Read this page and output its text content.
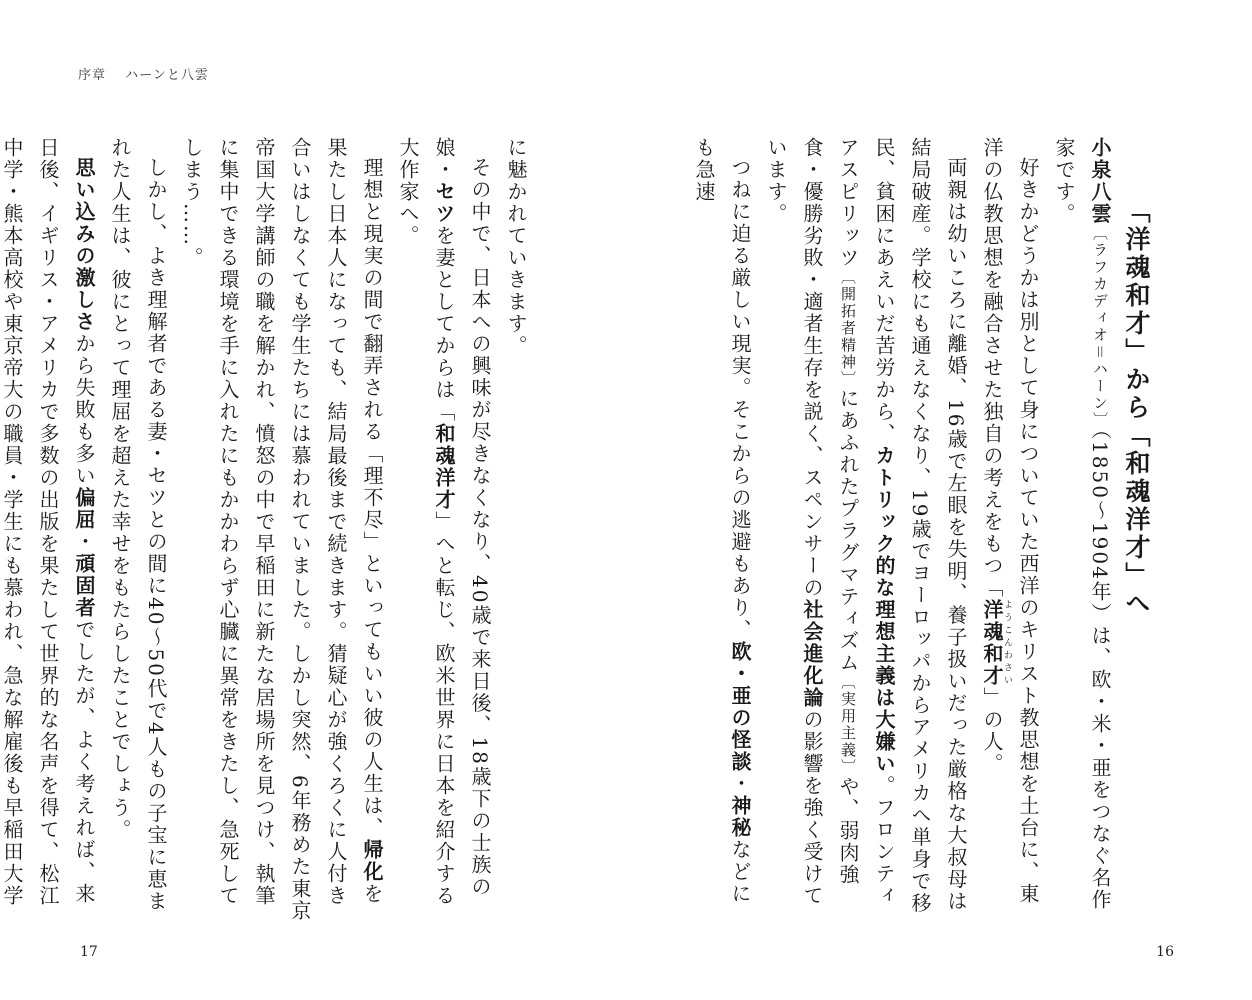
序章 ハーンと八雲

に魅かれていきます。

その中で、日本への興味が尽きなくなり、40歳で来日後、18歳下の士族の娘・セツを妻としてからは「和魂洋才」へと転じ、欧米世界に日本を紹介する大作家へ。

理想と現実の間で翻弄される「理不尽」といってもいい彼の人生は、帰化を果たし日本人になっても、結局最後まで続きます。猜疑心が強くろくに人付き合いはしなくても学生たちには慕われていました。しかし突然、6年務めた東京帝国大学講師の職を解かれ、憤怒の中で早稲田に新たな居場所を見つけ、執筆に集中できる環境を手に入れたにもかかわらず心臓に異常をきたし、急死してしまう……。

しかし、よき理解者である妻・セツとの間に40～50代で4人もの子宝に恵まれた人生は、彼にとって理屈を超えた幸せをもたらしたことでしょう。

思い込みの激しさから失敗も多い偏屈・頑固者でしたが、よく考えれば、来日後、イギリス・アメリカで多数の出版を果たして世界的な名声を得て、松江中学・熊本高校や東京帝大の職員・学生にも慕われ、急な解雇後も早稲田大学

17

「洋魂和才」から「和魂洋才」へ

小泉八雲〔ラフカディオ＝ハーン〕（1850～1904年）は、欧・米・亜をつなぐ名作家です。

好きかどうかは別として身についていた西洋のキリスト教思想を土台に、東洋の仏教思想を融合させた独自の考えをもつ「洋魂和才ようこんわさい」の人。

両親は幼いころに離婚、16歳で左眼を失明、養子扱いだった厳格な大叔母は結局破産。学校にも通えなくなり、19歳でヨーロッパからアメリカへ単身で移民、貧困にあえいだ苦労から、カトリック的な理想主義は大嫌い。フロンティアスピリッツ〔開拓者精神〕にあふれたプラグマティズム〔実用主義〕や、弱肉強食・優勝劣敗・適者生存を説く、スペンサーの社会進化論の影響を強く受けています。

つねに迫る厳しい現実。そこからの逃避もあり、欧・亜の怪談・神秘などにも急速

16
